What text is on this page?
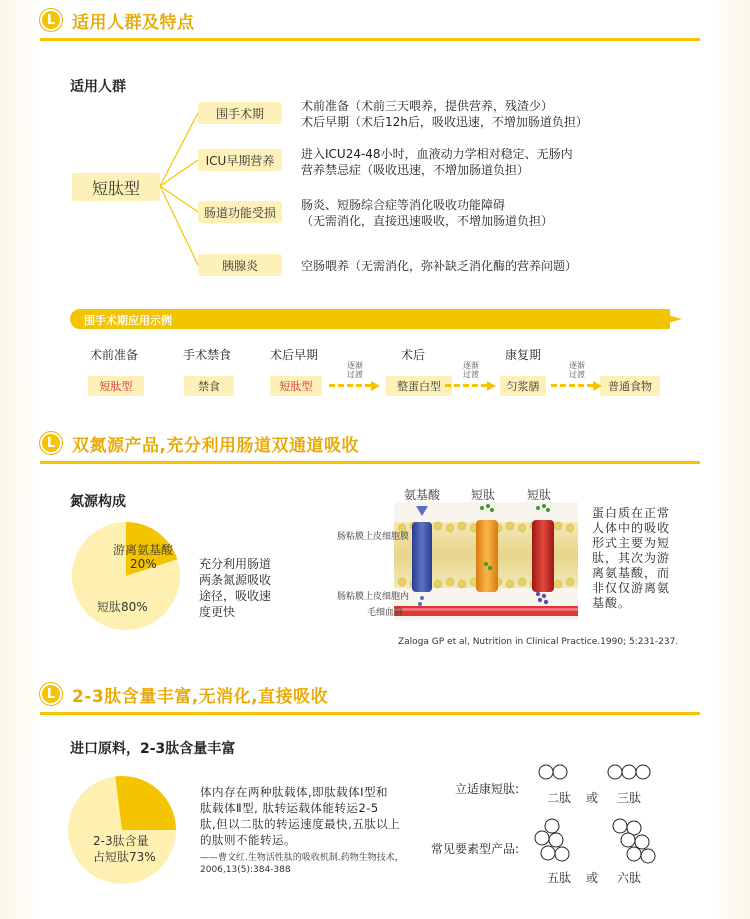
L 适用人群及特点
适用人群
短肽型
围手术期
ICU早期营养
肠道功能受损
胰腺炎
术前准备（术前三天喂养，提供营养，残渣少）
术后早期（术后12h后，吸收迅速，不增加肠道负担）
进入ICU24-48小时，血液动力学相对稳定、无肠内
营养禁忌症（吸收迅速，不增加肠道负担）
肠炎、短肠综合症等消化吸收功能障碍
（无需消化，直接迅速吸收，不增加肠道负担）
空肠喂养（无需消化，弥补缺乏消化酶的营养问题）
围手术期应用示例
术前准备	手术禁食	术后早期	术后	康复期
短肽型	禁食	短肽型	整蛋白型	匀浆膳	普通食物
逐渐
过渡
逐渐
过渡
逐渐
过渡
L 双氮源产品,充分利用肠道双通道吸收
氮源构成
游离氨基酸
20%
短肽80%
充分利用肠道
两条氮源吸收
途径，吸收速
度更快
氨基酸	短肽	短肽
肠粘膜上皮细胞膜
肠粘膜上皮细胞内
毛细血管
蛋白质在正常
人体中的吸收
形式主要为短
肽，其次为游
离氨基酸，而
非仅仅游离氨
基酸。
Zaloga GP et al, Nutrition in Clinical Practice.1990; 5:231-237.
L 2-3肽含量丰富,无消化,直接吸收
进口原料，2-3肽含量丰富
2-3肽含量
占短肽73%
体内存在两种肽载体,即肽载体Ⅰ型和
肽载体Ⅱ型, 肽转运载体能转运2-5
肽,但以二肽的转运速度最快,五肽以上
的肽则不能转运。
——曹文红.生物活性肽的吸收机制.药物生物技术，
2006,13(5):384-388
立适康短肽:
常见要素型产品:
二肽 或 三肽
五肽 或 六肽
